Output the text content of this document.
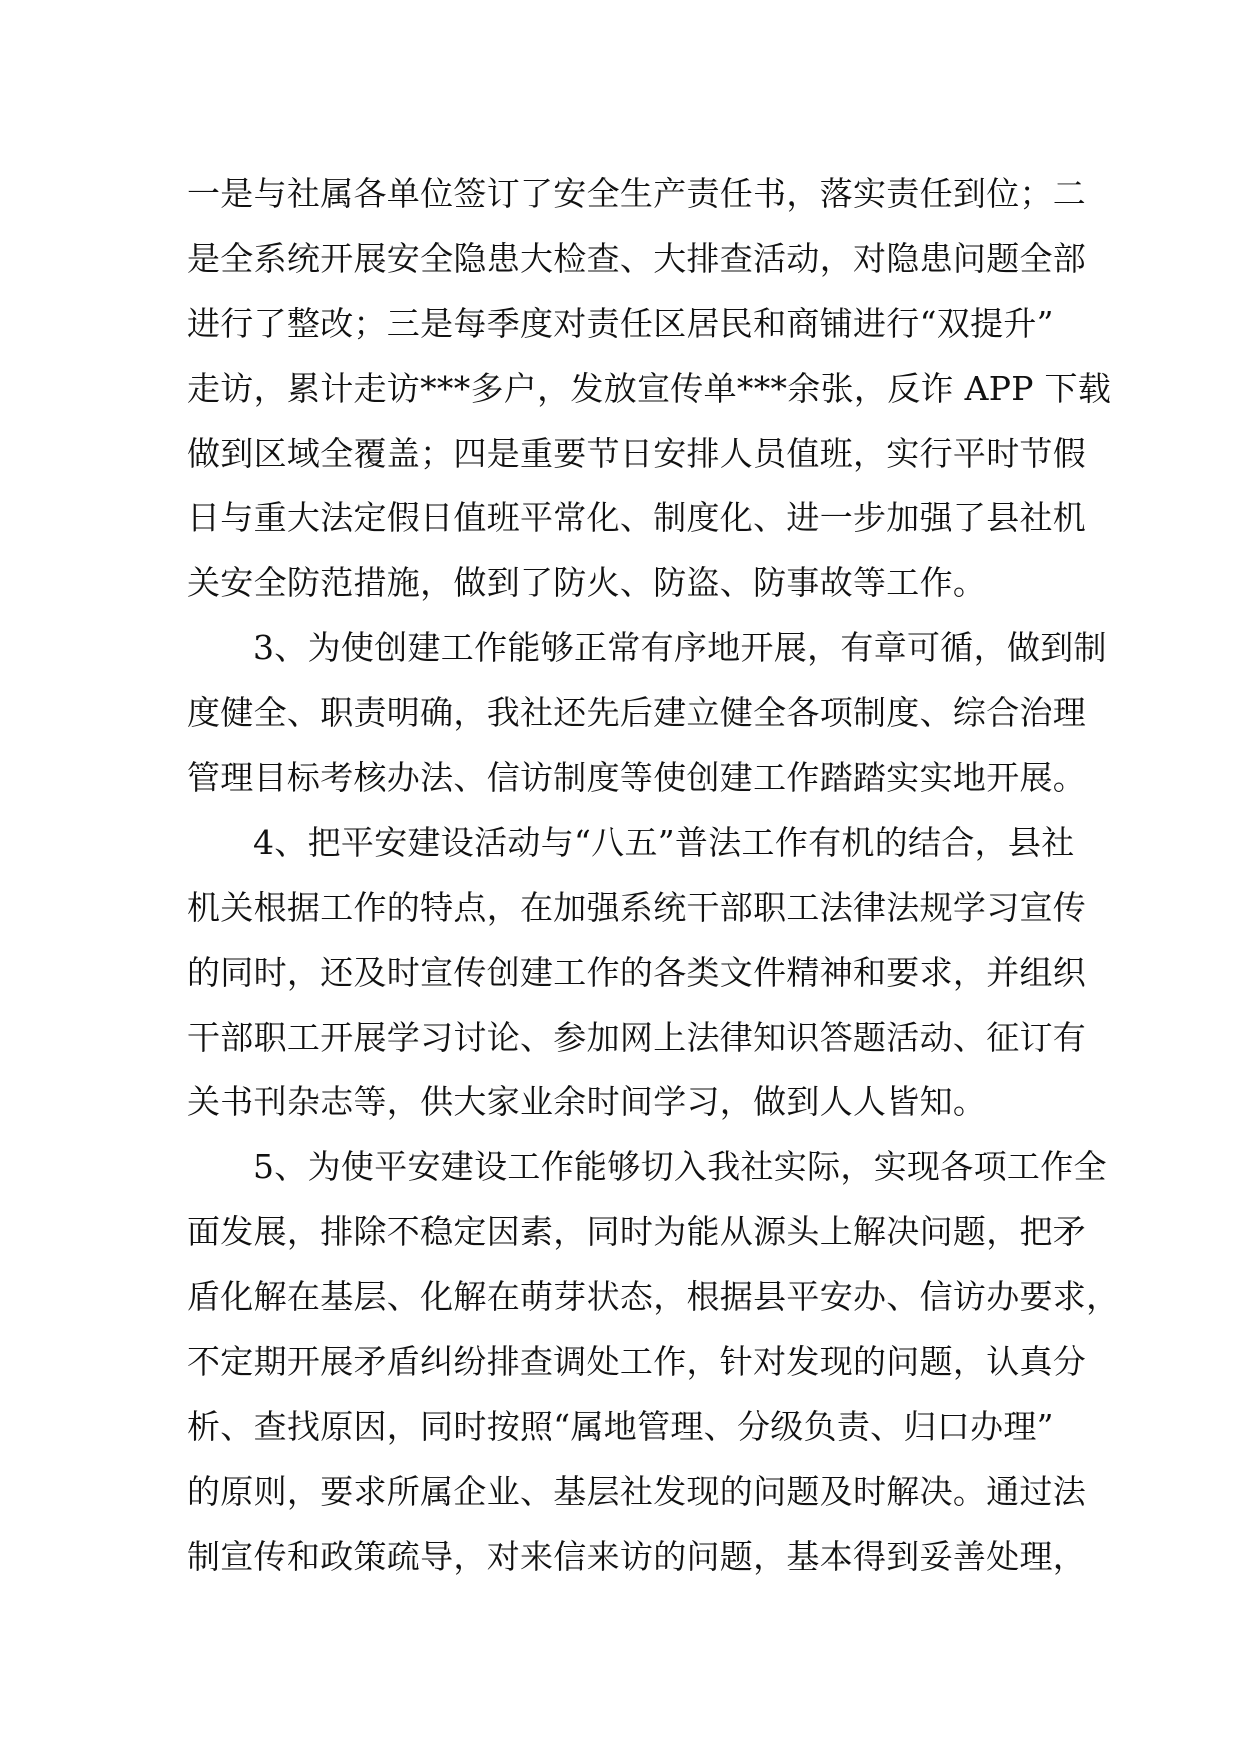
一是与社属各单位签订了安全生产责任书，落实责任到位；二
是全系统开展安全隐患大检查、大排查活动，对隐患问题全部
进行了整改；三是每季度对责任区居民和商铺进行“双提升”
走访，累计走访***多户，发放宣传单***余张，反诈 APP 下载
做到区域全覆盖；四是重要节日安排人员值班，实行平时节假
日与重大法定假日值班平常化、制度化、进一步加强了县社机
关安全防范措施，做到了防火、防盗、防事故等工作。
3、为使创建工作能够正常有序地开展，有章可循，做到制
度健全、职责明确，我社还先后建立健全各项制度、综合治理
管理目标考核办法、信访制度等使创建工作踏踏实实地开展。
4、把平安建设活动与“八五”普法工作有机的结合，县社
机关根据工作的特点，在加强系统干部职工法律法规学习宣传
的同时，还及时宣传创建工作的各类文件精神和要求，并组织
干部职工开展学习讨论、参加网上法律知识答题活动、征订有
关书刊杂志等，供大家业余时间学习，做到人人皆知。
5、为使平安建设工作能够切入我社实际，实现各项工作全
面发展，排除不稳定因素，同时为能从源头上解决问题，把矛
盾化解在基层、化解在萌芽状态，根据县平安办、信访办要求，
不定期开展矛盾纠纷排查调处工作，针对发现的问题，认真分
析、查找原因，同时按照“属地管理、分级负责、归口办理”
的原则，要求所属企业、基层社发现的问题及时解决。通过法
制宣传和政策疏导，对来信来访的问题，基本得到妥善处理，
